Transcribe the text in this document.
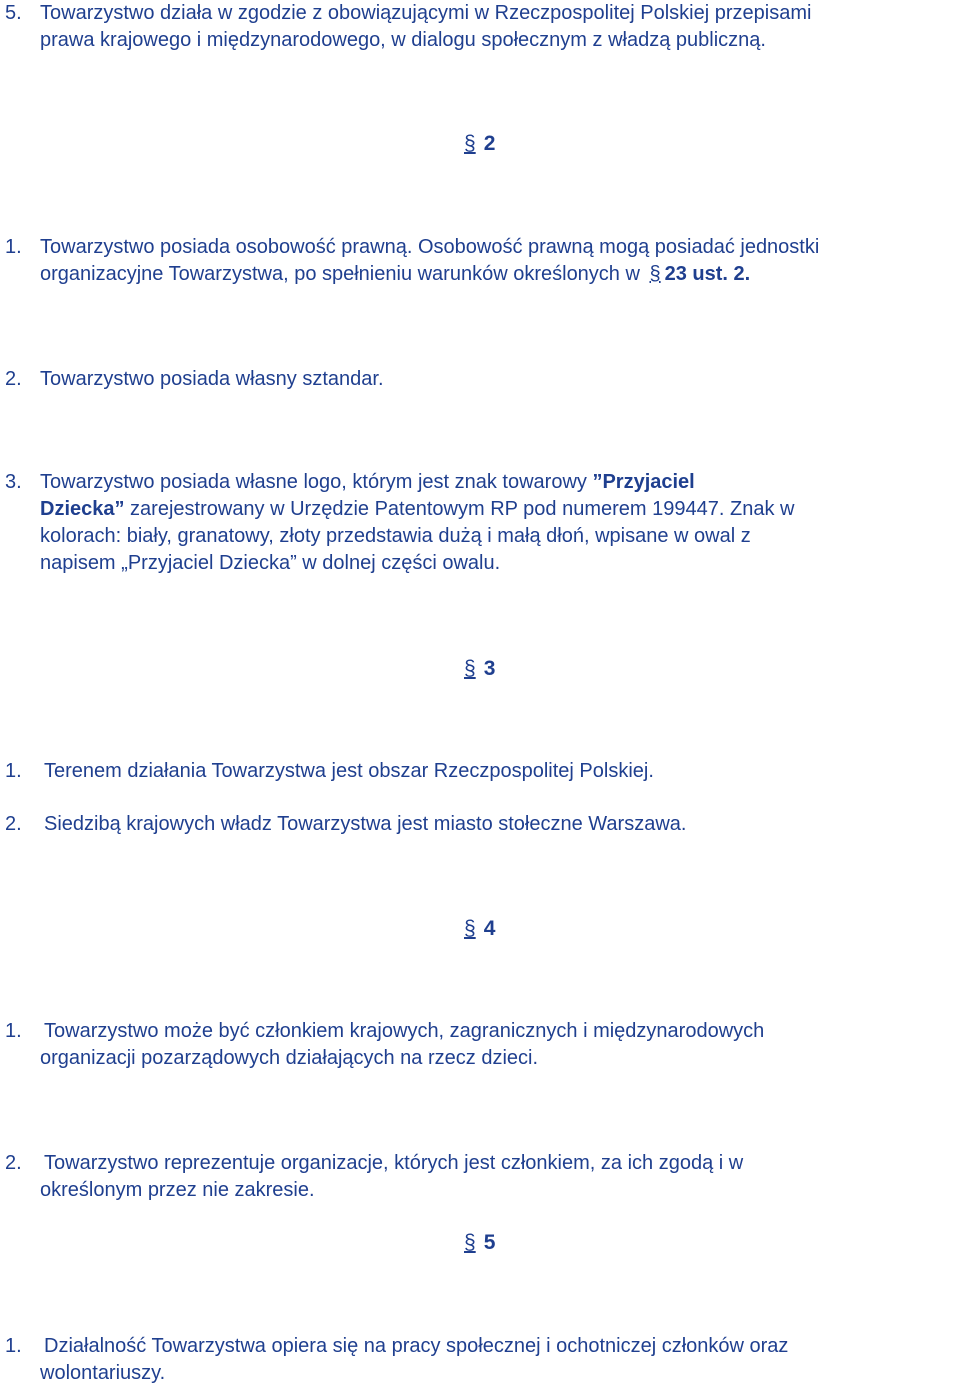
5. Towarzystwo działa w zgodzie z obowiązującymi w Rzeczpospolitej Polskiej przepisami
prawa krajowego i międzynarodowego, w dialogu społecznym z władzą publiczną.
§ 2
1. Towarzystwo posiada osobowość prawną. Osobowość prawną mogą posiadać jednostki
organizacyjne Towarzystwa, po spełnieniu warunków określonych w § 23 ust. 2.
2. Towarzystwo posiada własny sztandar.
3. Towarzystwo posiada własne logo, którym jest znak towarowy ”Przyjaciel
Dziecka” zarejestrowany w Urzędzie Patentowym RP pod numerem 199447. Znak w
kolorach: biały, granatowy, złoty przedstawia dużą i małą dłoń, wpisane w owal z
napisem „Przyjaciel Dziecka” w dolnej części owalu.
§ 3
1.	Terenem działania Towarzystwa jest obszar Rzeczpospolitej Polskiej.
2.	Siedzibą krajowych władz Towarzystwa jest miasto stołeczne Warszawa.
§ 4
1.	Towarzystwo może być członkiem krajowych, zagranicznych i międzynarodowych
organizacji pozarządowych działających na rzecz dzieci.
2.	Towarzystwo reprezentuje organizacje, których jest członkiem, za ich zgodą i w
określonym przez nie zakresie.
§ 5
1.	Działalność Towarzystwa opiera się na pracy społecznej i ochotniczej członków oraz
wolontariuszy.
